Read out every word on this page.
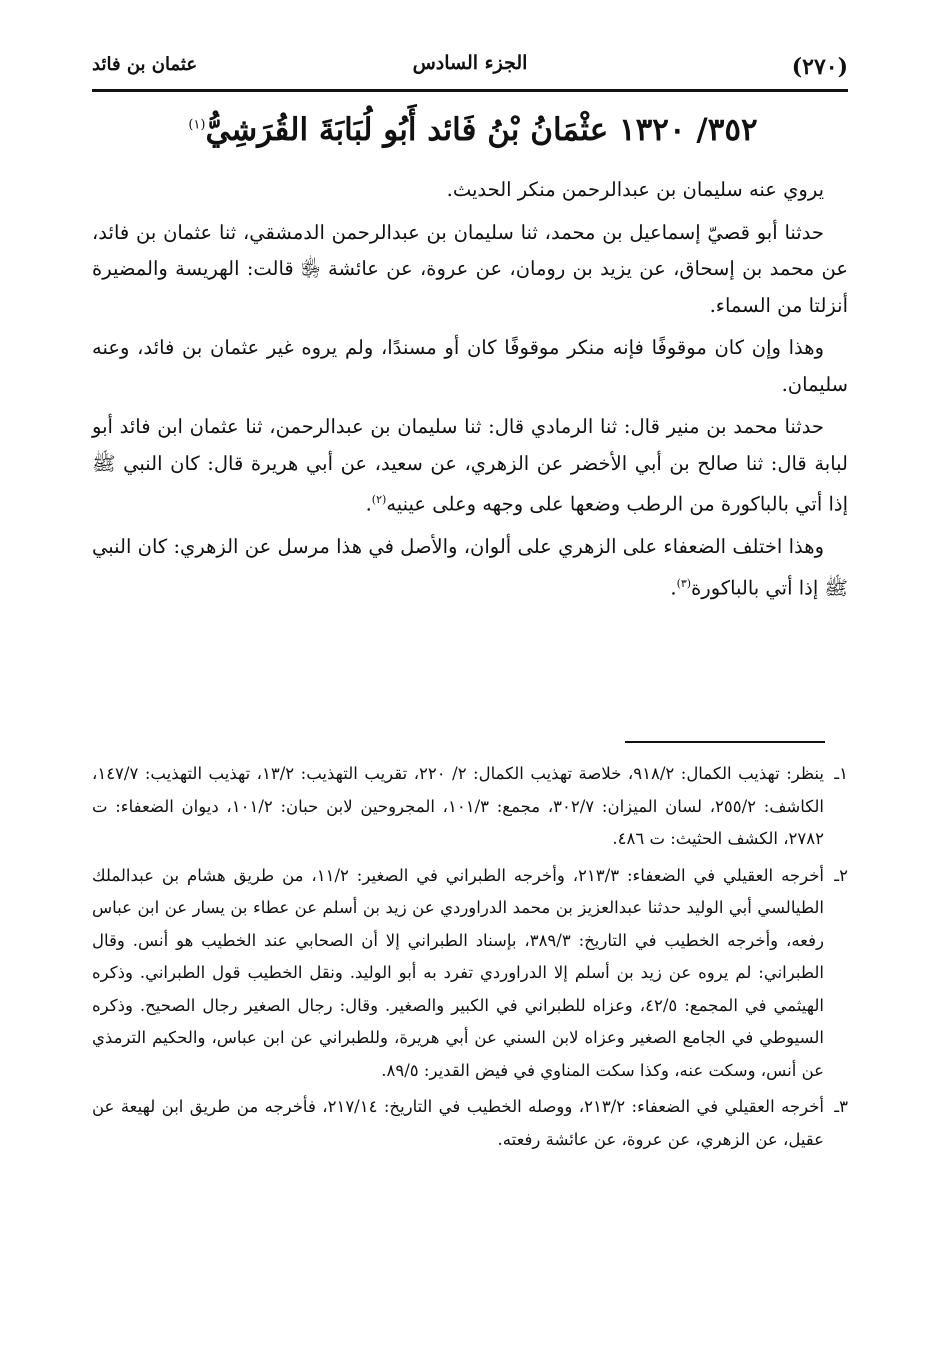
(٢٧٠)
الجزء السادس
عثمان بن فائد
٣٥٢/ ١٣٢٠ عثْمَانُ بْنُ فَائد أَبُو لُبَابَةَ القُرَشِيُّ$^{(١)}$

يروي عنه سليمان بن عبدالرحمن منكر الحديث.

حدثنا أبو قصيّ إسماعيل بن محمد، ثنا سليمان بن عبدالرحمن الدمشقي، ثنا عثمان بن فائد، عن محمد بن إسحاق، عن يزيد بن رومان، عن عروة، عن عائشة ﵂ قالت: الهريسة والمضيرة أنزلتا من السماء.

وهذا وإن كان موقوفًا فإنه منكر موقوفًا كان أو مسندًا، ولم يروه غير عثمان بن فائد، وعنه سليمان.

حدثنا محمد بن منير قال: ثنا الرمادي قال: ثنا سليمان بن عبدالرحمن، ثنا عثمان ابن فائد أبو لبابة قال: ثنا صالح بن أبي الأخضر عن الزهري، عن سعيد، عن أبي هريرة قال: كان النبي ﷺ إذا أتي بالباكورة من الرطب وضعها على وجهه وعلى عينيه$^{(٢)}$.

وهذا اختلف الضعفاء على الزهري على ألوان، والأصل في هذا مرسل عن الزهري: كان النبي ﷺ إذا أتي بالباكورة$^{(٣)}$.

١ـ
ينظر: تهذيب الكمال: ٩١٨/٢، خلاصة تهذيب الكمال: ٢/ ٢٢٠، تقريب التهذيب: ١٣/٢، تهذيب التهذيب: ١٤٧/٧، الكاشف: ٢٥٥/٢، لسان الميزان: ٣٠٢/٧، مجمع: ١٠١/٣، المجروحين لابن حبان: ١٠١/٢، ديوان الضعفاء: ت ٢٧٨٢، الكشف الحثيث: ت ٤٨٦.

٢ـ
أخرجه العقيلي في الضعفاء: ٢١٣/٣، وأخرجه الطبراني في الصغير: ١١/٢، من طريق هشام بن عبدالملك الطيالسي أبي الوليد حدثنا عبدالعزيز بن محمد الدراوردي عن زيد بن أسلم عن عطاء بن يسار عن ابن عباس رفعه، وأخرجه الخطيب في التاريخ: ٣٨٩/٣، بإسناد الطبراني إلا أن الصحابي عند الخطيب هو أنس. وقال الطبراني: لم يروه عن زيد بن أسلم إلا الدراوردي تفرد به أبو الوليد. ونقل الخطيب قول الطبراني. وذكره الهيثمي في المجمع: ٤٢/٥، وعزاه للطبراني في الكبير والصغير. وقال: رجال الصغير رجال الصحيح. وذكره السيوطي في الجامع الصغير وعزاه لابن السني عن أبي هريرة، وللطبراني عن ابن عباس، والحكيم الترمذي عن أنس، وسكت عنه، وكذا سكت المناوي في فيض القدير: ٨٩/٥.

٣ـ
أخرجه العقيلي في الضعفاء: ٢١٣/٢، ووصله الخطيب في التاريخ: ٢١٧/١٤، فأخرجه من طريق ابن لهيعة عن عقيل، عن الزهري، عن عروة، عن عائشة رفعته.
